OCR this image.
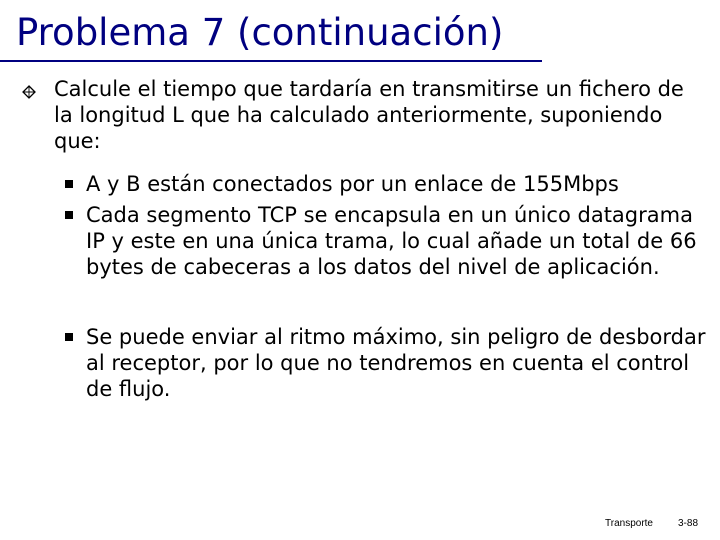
Problema 7 (continuación)
Calcule el tiempo que tardaría en transmitirse un fichero de la longitud L que ha calculado anteriormente, suponiendo que:
A y B están conectados por un enlace de 155Mbps
Cada segmento TCP se encapsula en un único datagrama IP y este en una única trama, lo cual añade un total de 66 bytes de cabeceras a los datos del nivel de aplicación.
Se puede enviar al ritmo máximo, sin peligro de desbordar al receptor, por lo que no tendremos en cuenta el control de flujo.
Transporte	3-88
